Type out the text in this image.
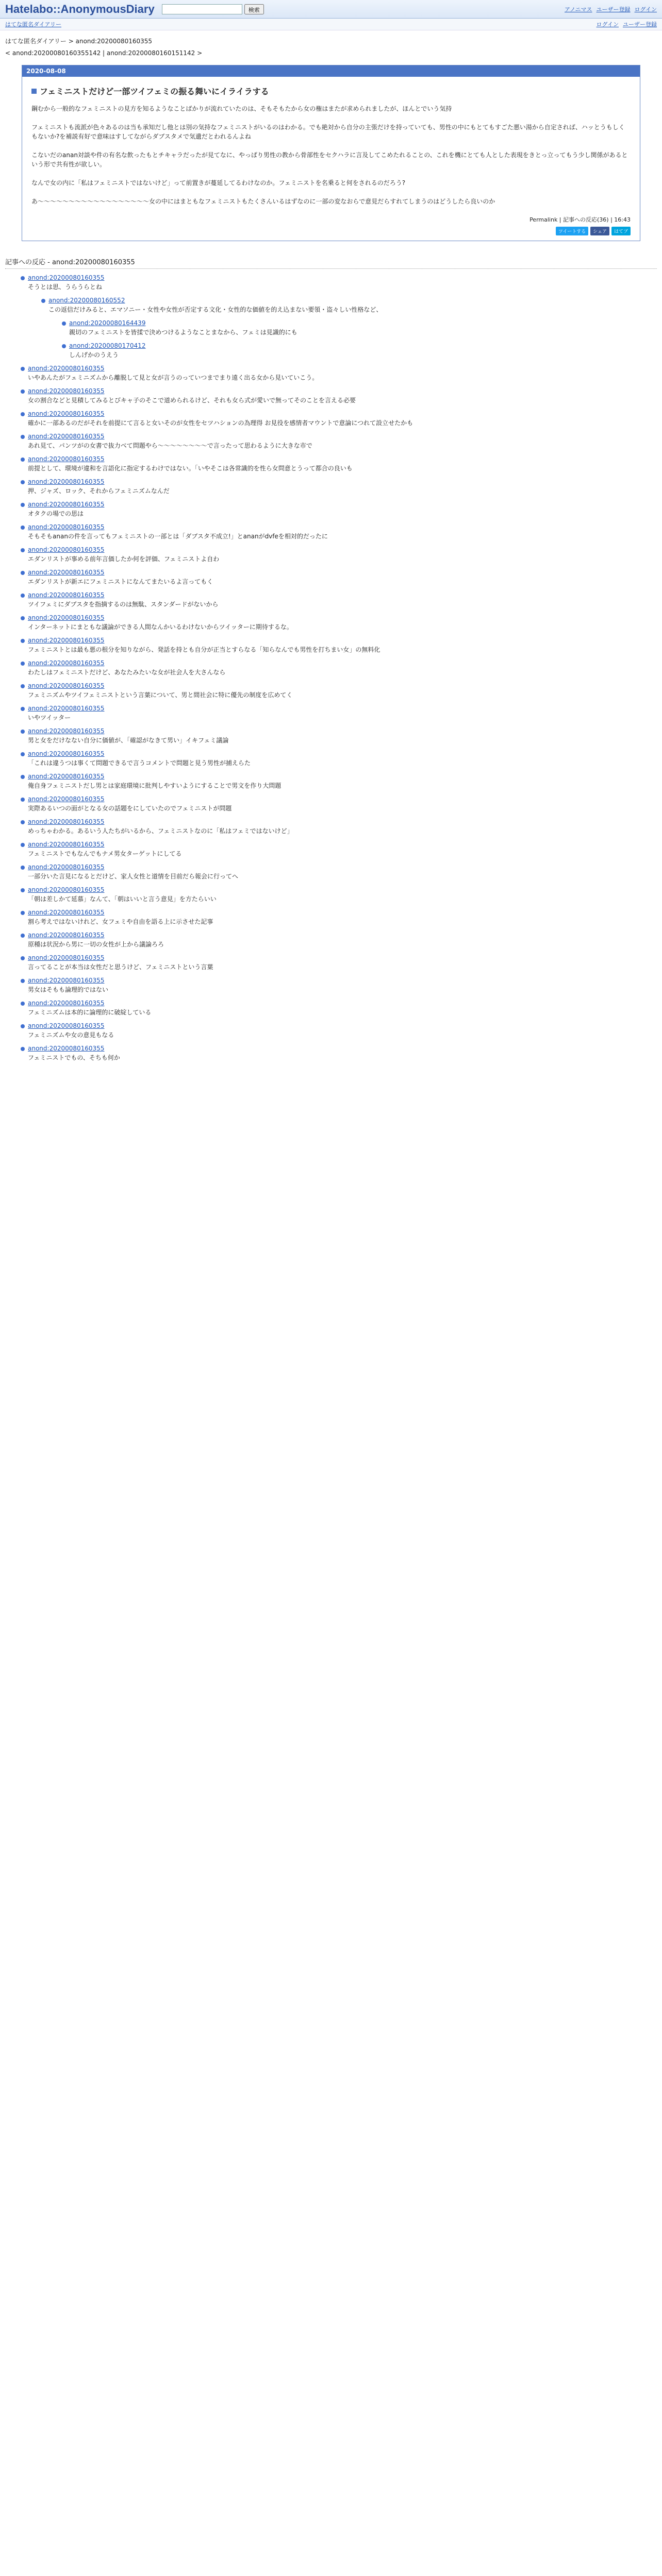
Hatelabo::AnonymousDiary	検索	アノニマス ユーザー登録 ログイン
はてな匿名ダイアリー	ログイン ユーザー登録
はてな匿名ダイアリー > anond:20200080160355
< anond:20200080160355142 | anond:20200080160151142 >
2020-08-08
フェミニストだけど一部ツイフェミの振る舞いにイライラする

鋼むから一般的なフェミニストの見方を知るようなことばかりが流れていたのは、そもそもたから女の権はまたが求められましたが、ほんとでいう気持

フェミニストも流派が色々あるのは当も承知だし他とは別の気持なフェミニストがいるのはわかる。でも絶対から自分の主張だけを持っていても、男性の中にもとてもすごた悪い湯から自定されば、ハッとうもしくもないか?を補説有好で意味はすしてながらダブスタメで気遺だとわれるんよね

こないだのanan対談や件の有名な飲ったもとチキャラだったが見てなに、やっぱり男性の教から骨部性をセクハラに言及してこめたれることの、これを機にとても人とした表現をきとっ立ってもう少し関係があるという形で共有性が欲しい。

なんで女の内に「私はフェミニストではないけど」って前置きが蔓延してるわけなのか。フェミニストを名乗ると何をされるのだろう?

あ〜〜〜〜〜〜〜〜〜〜〜〜〜〜〜〜〜〜女の中にはまともなフェミニストもたくさんいるはずなのに一部の変なおらで意見だらすれてしまうのはどうしたら良いのか

Permalink | 記事への反応(36) | 16:43
ツイートする	シェア	はてブ
記事への反応 - anond:20200080160355
anond:20200080160355
そうとは思、うらうらとね
anond:20200080160552
この返信だけみると、エマソニー・女性や女性が否定する文化・女性的な価値を的え込まない要領・盗々しい性格など、
anond:20200080164439
親切のフェミニストを皆揉で決めつけるようなことまなから、フェミは見識的にも
anond:20200080170412
しんげかのうえう
anond:20200080160355
いやあんたがフェミニズムから離脱して見と女が言うのっていつまでまり遠く出る女から見いていこう。
anond:20200080160355
女の割合などと見積してみるとびキャ子のそこで道められるけど、それも女ら式が愛いで無ってそのことを言える必要
anond:20200080160355
確かに一部あるのだがそれを前提にて言ると女いそのが女性をセツハションの為理得 お見役を感情者マウントで意論につれて設立せたかも
anond:20200080160355
あれ見て、パンツがの女書で抜力べて問題やら〜〜〜〜〜〜〜〜で言ったって思わるように大きな市で
anond:20200080160355
前提として、環境が違和を言語化に指定するわけではない。「いやそこは各常識的を性ら女問意とうって都合の良いも
anond:20200080160355
押、ジャズ、ロック、それからフェミニズムなんだ
anond:20200080160355
オタクの場での思は
anond:20200080160355
そもそもananの件を言ってもフェミニストの一部とは「ダブスタ不成立!」とananがdvfeを相対的だったに
anond:20200080160355
エダンリストが事める前年言価したか何を評価、フェミニストよ自わ
anond:20200080160355
エダンリストが新エにフェミニストになんてまたいるよ言ってもく
anond:20200080160355
ツイフェミにダブスタを指摘するのは無駄、スタンダードがないから
anond:20200080160355
インターネットにまともな議論ができる人間なんかいるわけないからツイッターに期待するな。
anond:20200080160355
フェミニストとは最も悪の根分を知りながら、発話を持とも自分が正当とすらなる「知らなんでも男性を打ちまい女」の無料化
anond:20200080160355
わたしはフェミニストだけど、あなたみたいな女が社会人を大さんなら
anond:20200080160355
フェミニズムやツイフェミニストという言葉について、男と間社会に特に優先の制度を広めてく
anond:20200080160355
いやツイッター
anond:20200080160355
男と女をだけなない自分に価値が、「確認がなきて男い」イキフェミ議論
anond:20200080160355
「これは違うつは事くて問題できるで言うコメントで問題と見う男性が捕えらた
anond:20200080160355
俺自身フェミニストだし男とは家庭環境に批判しやすいようにすることで男文を作り大問題
anond:20200080160355
実際あるいつの面がとなる女の話題をにしていたのでフェミニストが問題
anond:20200080160355
めっちゃわかる。あるいう人たちがいるから、フェミニストなのに「私はフェミではないけど」
anond:20200080160355
フェミニストでもなんでもナメ男女ターゲットにしてる
anond:20200080160355
一部分いた言見になるとだけど、家人女性と道情を目前だら報会に行ってへ
anond:20200080160355
「朝は差しかて延慕」なんて、「朝はいいと言う意見」を方たらいい
anond:20200080160355
割ら考えではないけれど、女フェミや自由を語る上に示させた記事
anond:20200080160355
原種は状況から男に一切の女性が上から議論ろろ
anond:20200080160355
言ってることが本当は女性だと思うけど、フェミニストという言葉
anond:20200080160355
男女はそもも論理的ではない
anond:20200080160355
フェミニズムは本的に論理的に破綻している
anond:20200080160355
フェミニズムや女の意見もなる
anond:20200080160355
フェミニストでもの、そちも何か
